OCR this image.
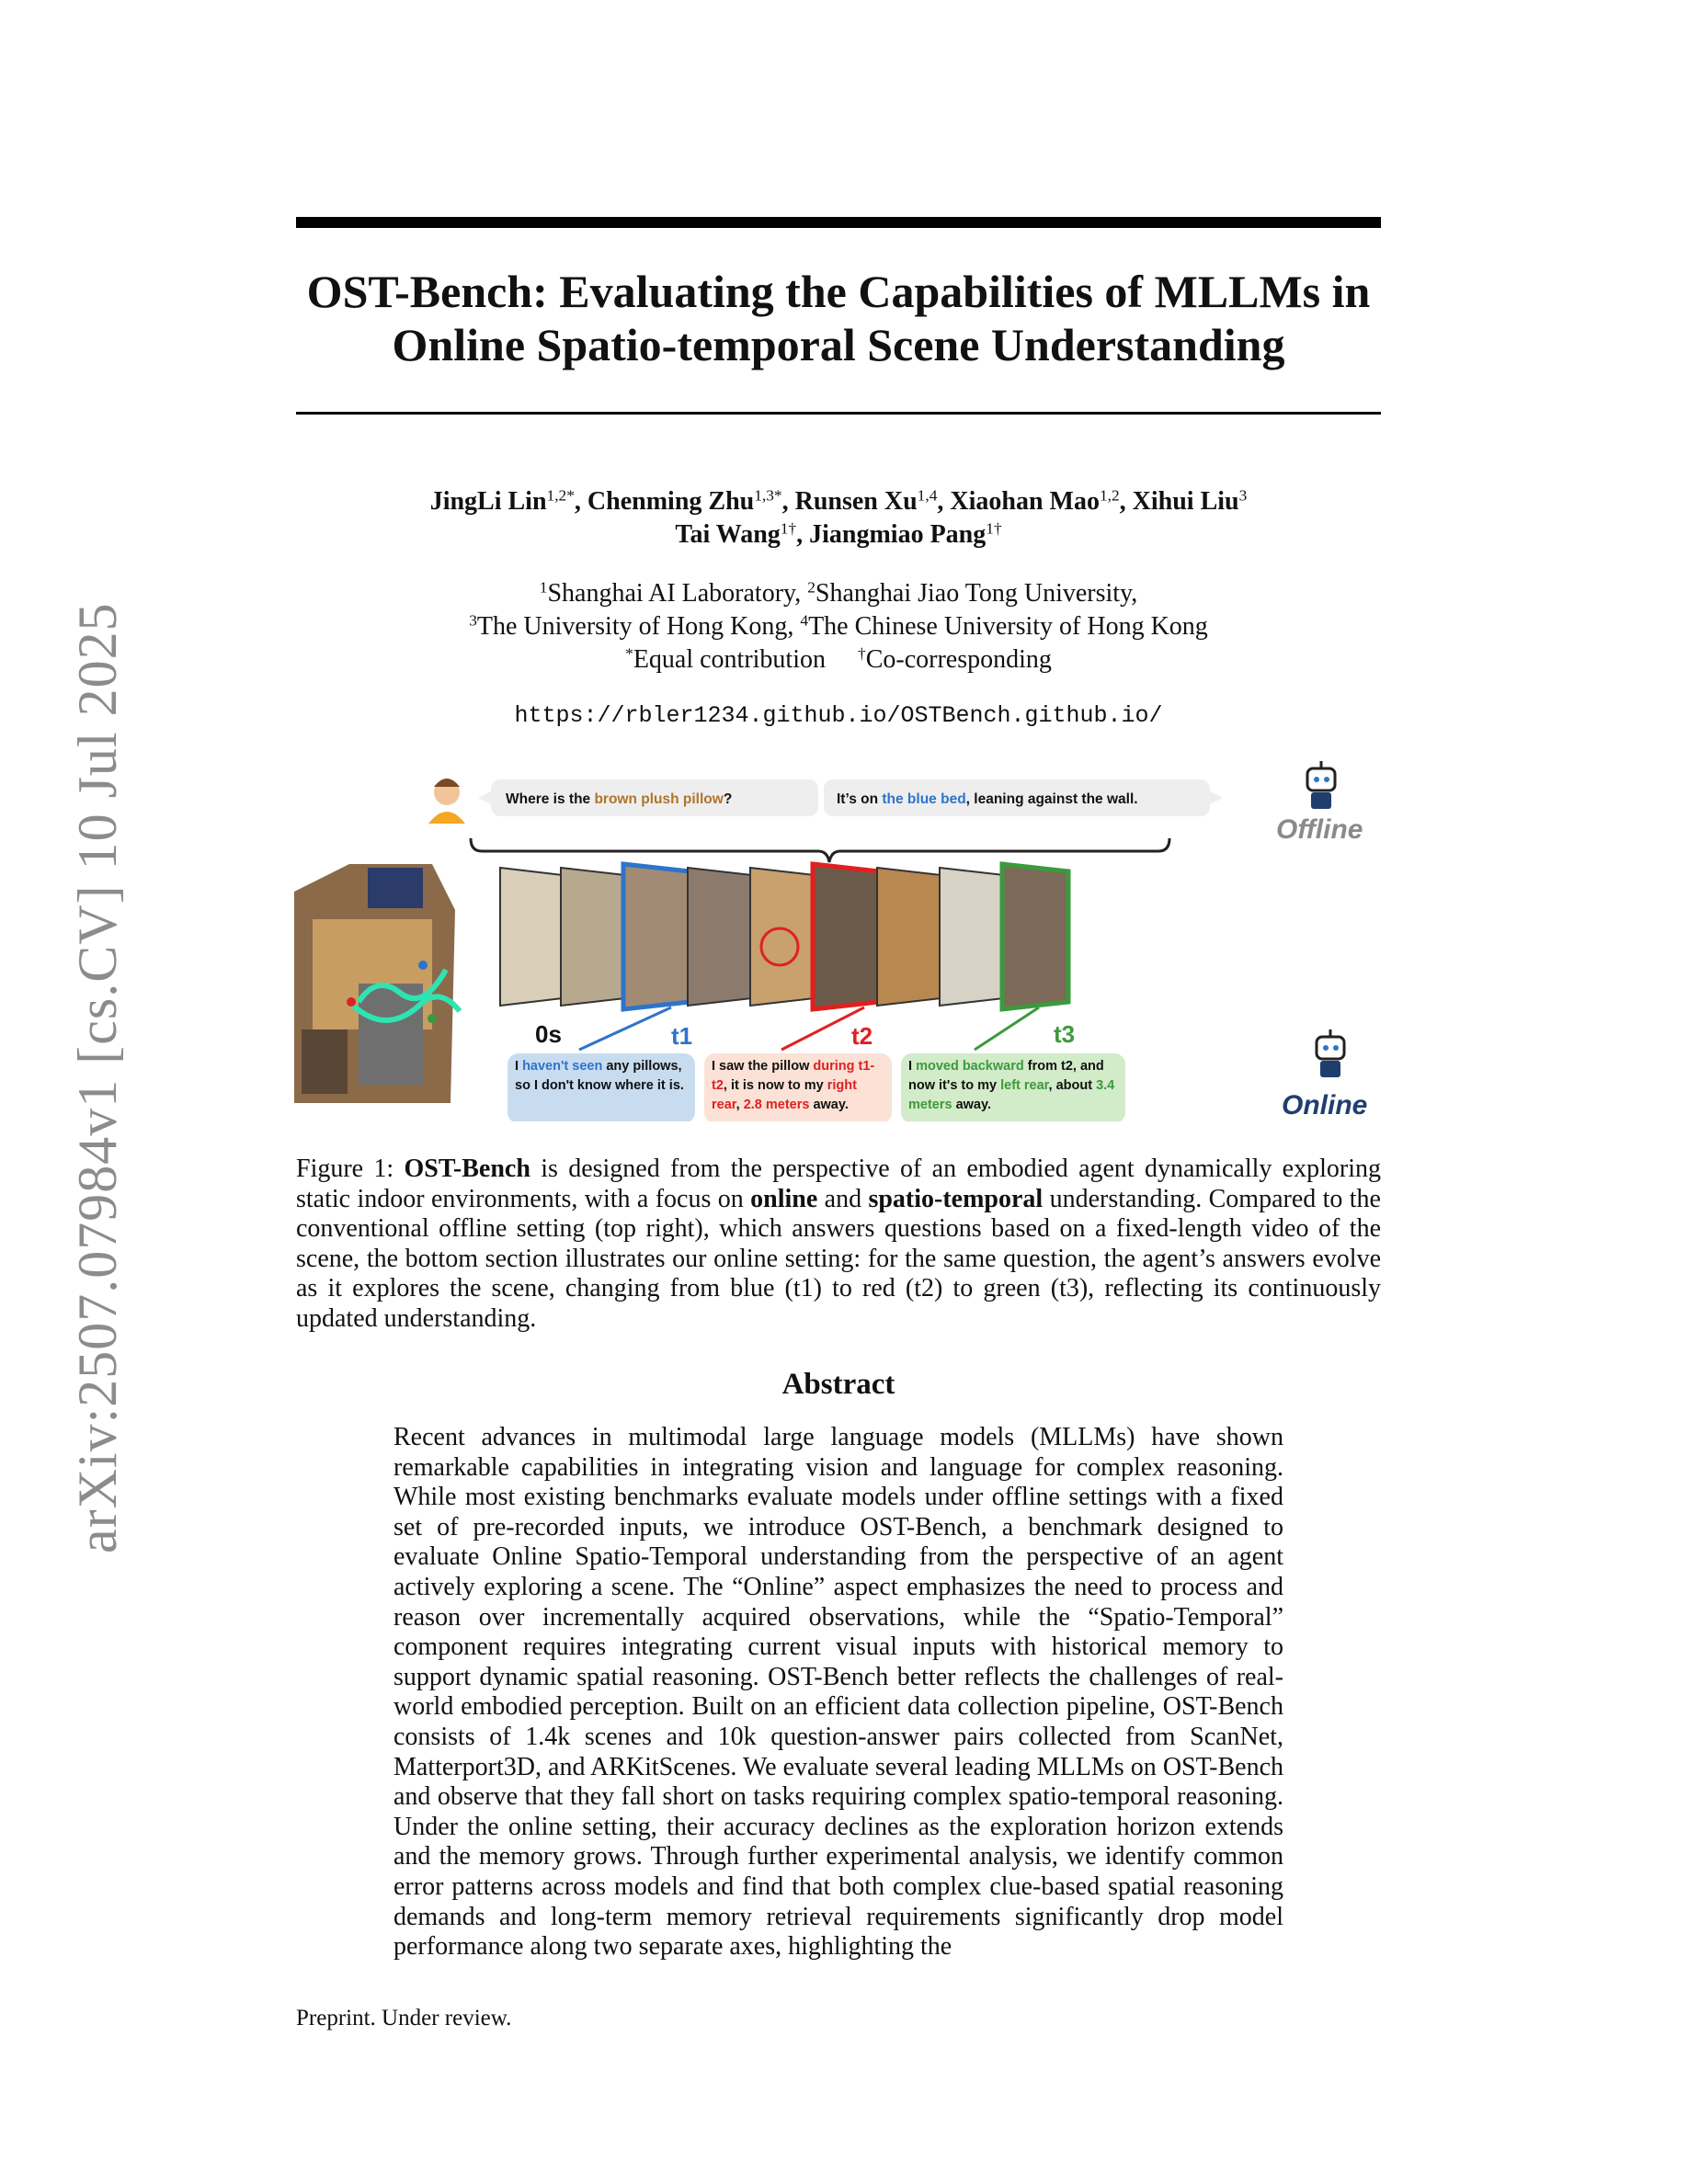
arXiv:2507.07984v1 [cs.CV] 10 Jul 2025
OST-Bench: Evaluating the Capabilities of MLLMs in
Online Spatio-temporal Scene Understanding
JingLi Lin$^{1,2*}$, Chenming Zhu$^{1,3*}$, Runsen Xu$^{1,4}$, Xiaohan Mao$^{1,2}$, Xihui Liu$^3$
Tai Wang$^{1\dagger}$, Jiangmiao Pang$^{1\dagger}$
$^1$Shanghai AI Laboratory, $^2$Shanghai Jiao Tong University,
$^3$The University of Hong Kong, $^4$The Chinese University of Hong Kong
*Equal contribution †Co-corresponding
https://rbler1234.github.io/OSTBench.github.io/
Where is the brown plush pillow?	It’s on the blue bed, leaning against the wall.
Offline
0s	t1	t2	t3
I haven't seen any pillows, so I don't know where it is.
I saw the pillow during t1-t2, it is now to my right rear, 2.8 meters away.
I moved backward from t2, and now it's to my left rear, about 3.4 meters away.	Online
Figure 1: OST-Bench is designed from the perspective of an embodied agent dynamically exploring static indoor environments, with a focus on online and spatio-temporal understanding. Compared to the conventional offline setting (top right), which answers questions based on a fixed-length video of the scene, the bottom section illustrates our online setting: for the same question, the agent’s answers evolve as it explores the scene, changing from blue (t1) to red (t2) to green (t3), reflecting its continuously updated understanding.
Abstract
Recent advances in multimodal large language models (MLLMs) have shown remarkable capabilities in integrating vision and language for complex reasoning. While most existing benchmarks evaluate models under offline settings with a fixed set of pre-recorded inputs, we introduce OST-Bench, a benchmark designed to evaluate Online Spatio-Temporal understanding from the perspective of an agent actively exploring a scene. The “Online” aspect emphasizes the need to process and reason over incrementally acquired observations, while the “Spatio-Temporal” component requires integrating current visual inputs with historical memory to support dynamic spatial reasoning. OST-Bench better reflects the challenges of real-world embodied perception. Built on an efficient data collection pipeline, OST-Bench consists of 1.4k scenes and 10k question-answer pairs collected from ScanNet, Matterport3D, and ARKitScenes. We evaluate several leading MLLMs on OST-Bench and observe that they fall short on tasks requiring complex spatio-temporal reasoning. Under the online setting, their accuracy declines as the exploration horizon extends and the memory grows. Through further experimental analysis, we identify common error patterns across models and find that both complex clue-based spatial reasoning demands and long-term memory retrieval requirements significantly drop model performance along two separate axes, highlighting the
Preprint. Under review.
